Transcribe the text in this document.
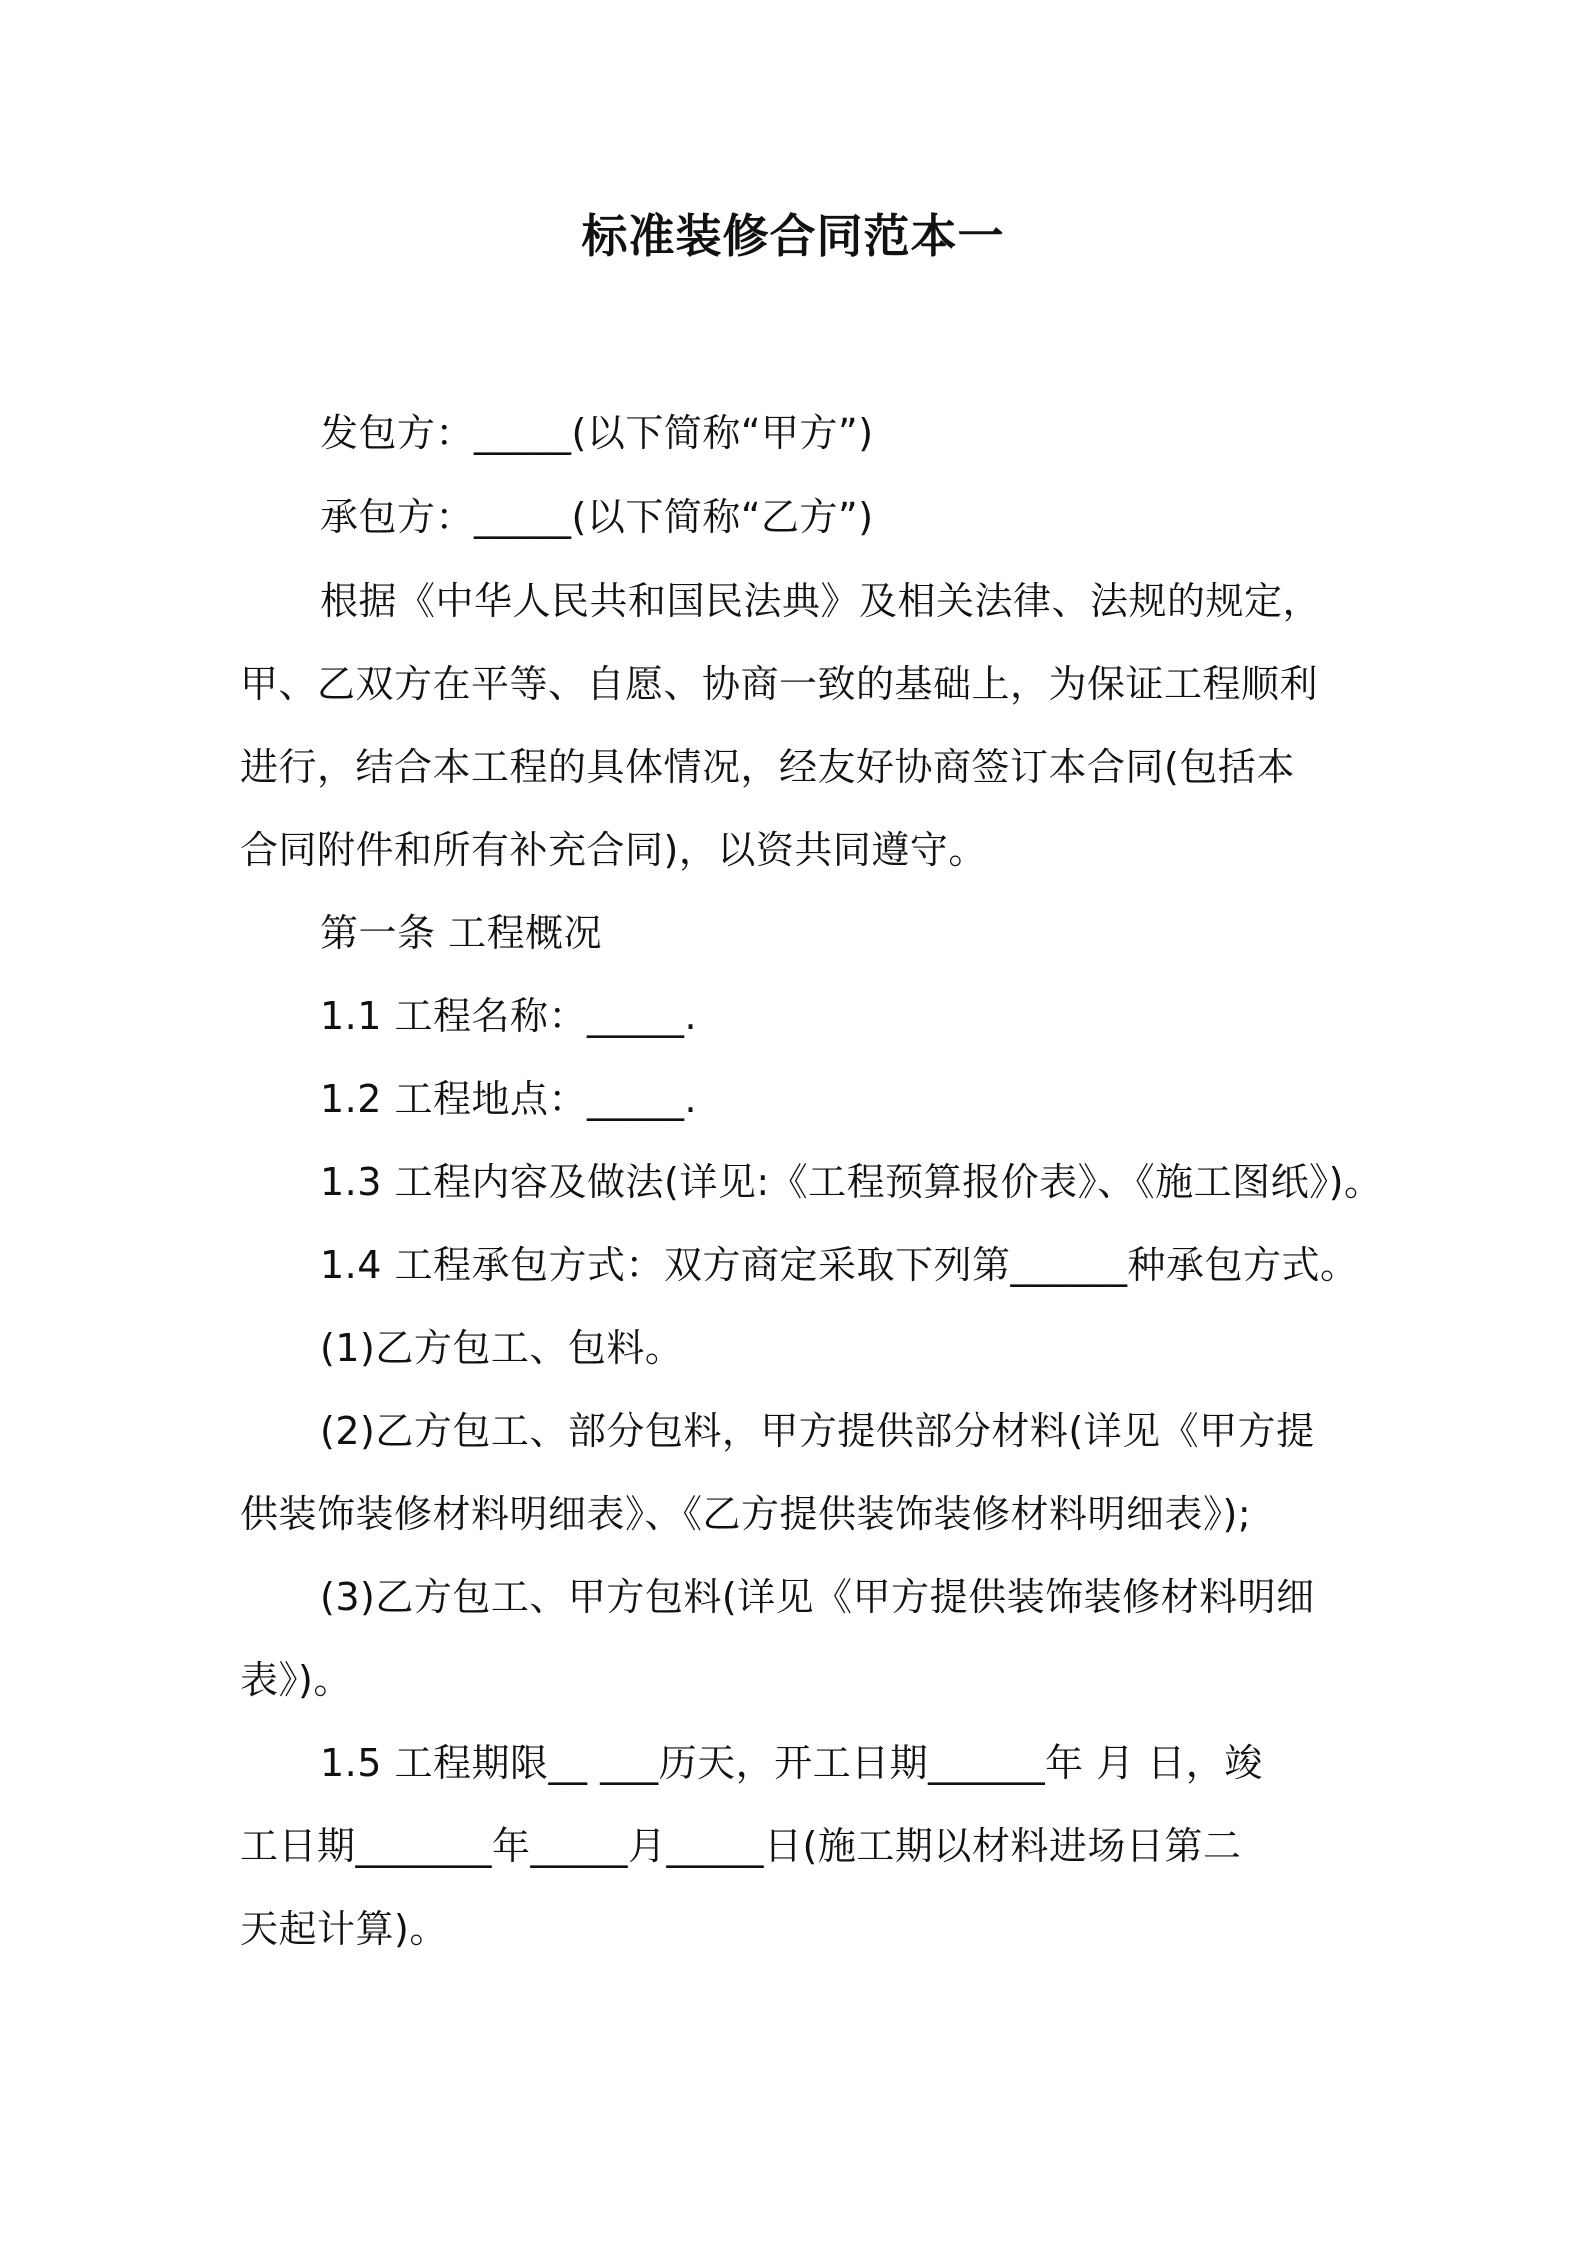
标准装修合同范本一
发包方：_____(以下简称“甲方”)
承包方：_____(以下简称“乙方”)
根据《中华人民共和国民法典》及相关法律、法规的规定，
甲、乙双方在平等、自愿、协商一致的基础上，为保证工程顺利
进行，结合本工程的具体情况，经友好协商签订本合同(包括本
合同附件和所有补充合同)，以资共同遵守。
第一条 工程概况
1.1 工程名称：_____.
1.2 工程地点：_____.
1.3 工程内容及做法(详见:《工程预算报价表》、《施工图纸》)。
1.4 工程承包方式：双方商定采取下列第______种承包方式。
(1)乙方包工、包料。
(2)乙方包工、部分包料，甲方提供部分材料(详见《甲方提
供装饰装修材料明细表》、《乙方提供装饰装修材料明细表》);
(3)乙方包工、甲方包料(详见《甲方提供装饰装修材料明细
表》)。
1.5 工程期限__ ___历天，开工日期______年 月 日，竣
工日期_______年_____月_____日(施工期以材料进场日第二
天起计算)。
